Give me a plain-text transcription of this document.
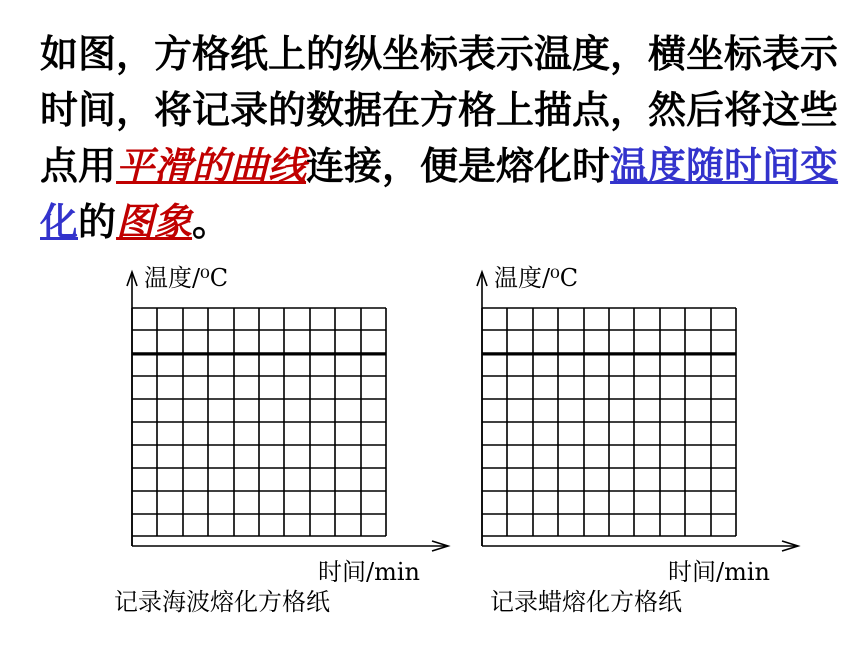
如图，方格纸上的纵坐标表示温度，横坐标表示时间，将记录的数据在方格上描点，然后将这些点用平滑的曲线连接，便是熔化时温度随时间变化的图象。

温度/⁰C
时间/min
记录海波熔化方格纸
温度/⁰C
时间/min
记录蜡熔化方格纸
